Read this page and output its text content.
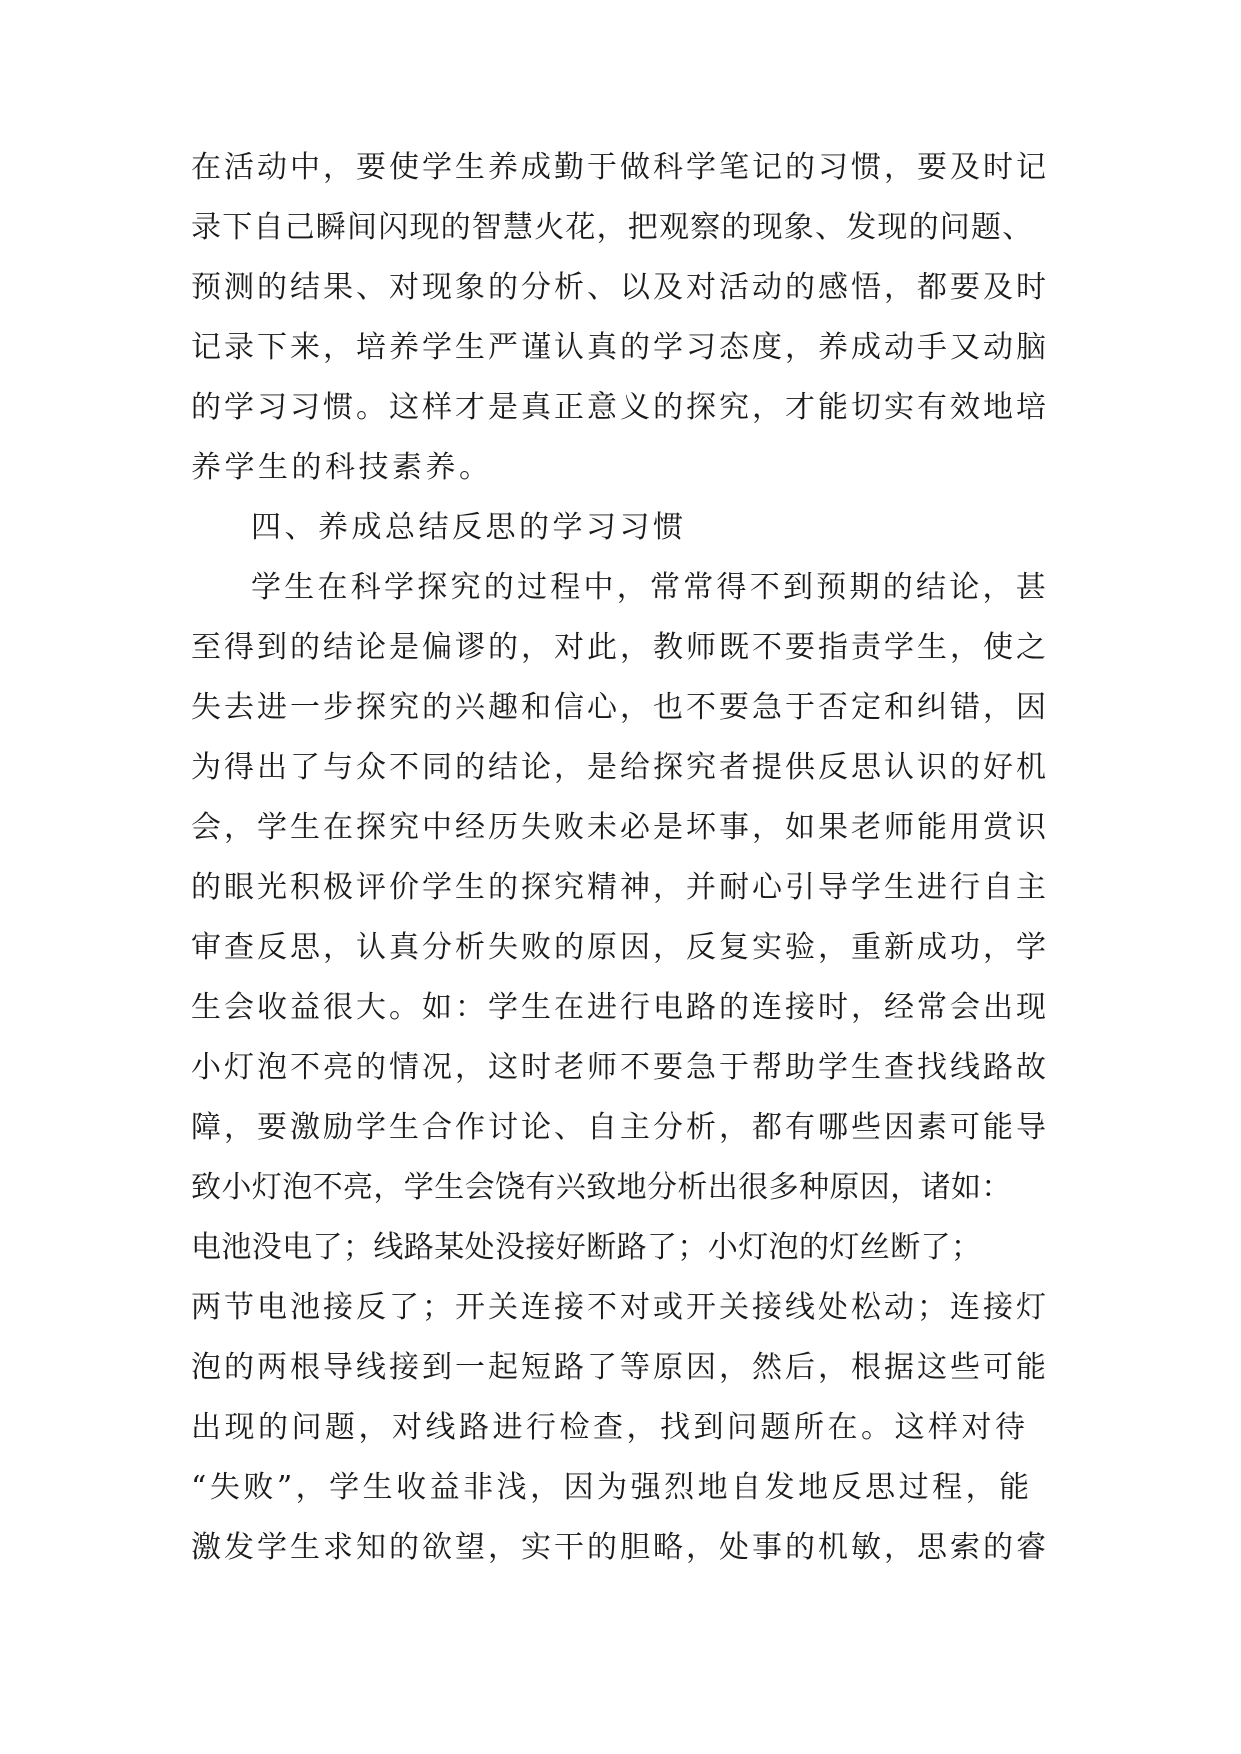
在活动中，要使学生养成勤于做科学笔记的习惯，要及时记
录下自己瞬间闪现的智慧火花，把观察的现象、发现的问题、
预测的结果、对现象的分析、以及对活动的感悟，都要及时
记录下来，培养学生严谨认真的学习态度，养成动手又动脑
的学习习惯。这样才是真正意义的探究，才能切实有效地培
养学生的科技素养。
四、养成总结反思的学习习惯
学生在科学探究的过程中，常常得不到预期的结论，甚
至得到的结论是偏谬的，对此，教师既不要指责学生，使之
失去进一步探究的兴趣和信心，也不要急于否定和纠错，因
为得出了与众不同的结论，是给探究者提供反思认识的好机
会，学生在探究中经历失败未必是坏事，如果老师能用赏识
的眼光积极评价学生的探究精神，并耐心引导学生进行自主
审查反思，认真分析失败的原因，反复实验，重新成功，学
生会收益很大。如：学生在进行电路的连接时，经常会出现
小灯泡不亮的情况，这时老师不要急于帮助学生查找线路故
障，要激励学生合作讨论、自主分析，都有哪些因素可能导
致小灯泡不亮，学生会饶有兴致地分析出很多种原因，诸如：
电池没电了；线路某处没接好断路了；小灯泡的灯丝断了；
两节电池接反了；开关连接不对或开关接线处松动；连接灯
泡的两根导线接到一起短路了等原因，然后，根据这些可能
出现的问题，对线路进行检查，找到问题所在。这样对待
“失败”，学生收益非浅，因为强烈地自发地反思过程，能
激发学生求知的欲望，实干的胆略，处事的机敏，思索的睿
